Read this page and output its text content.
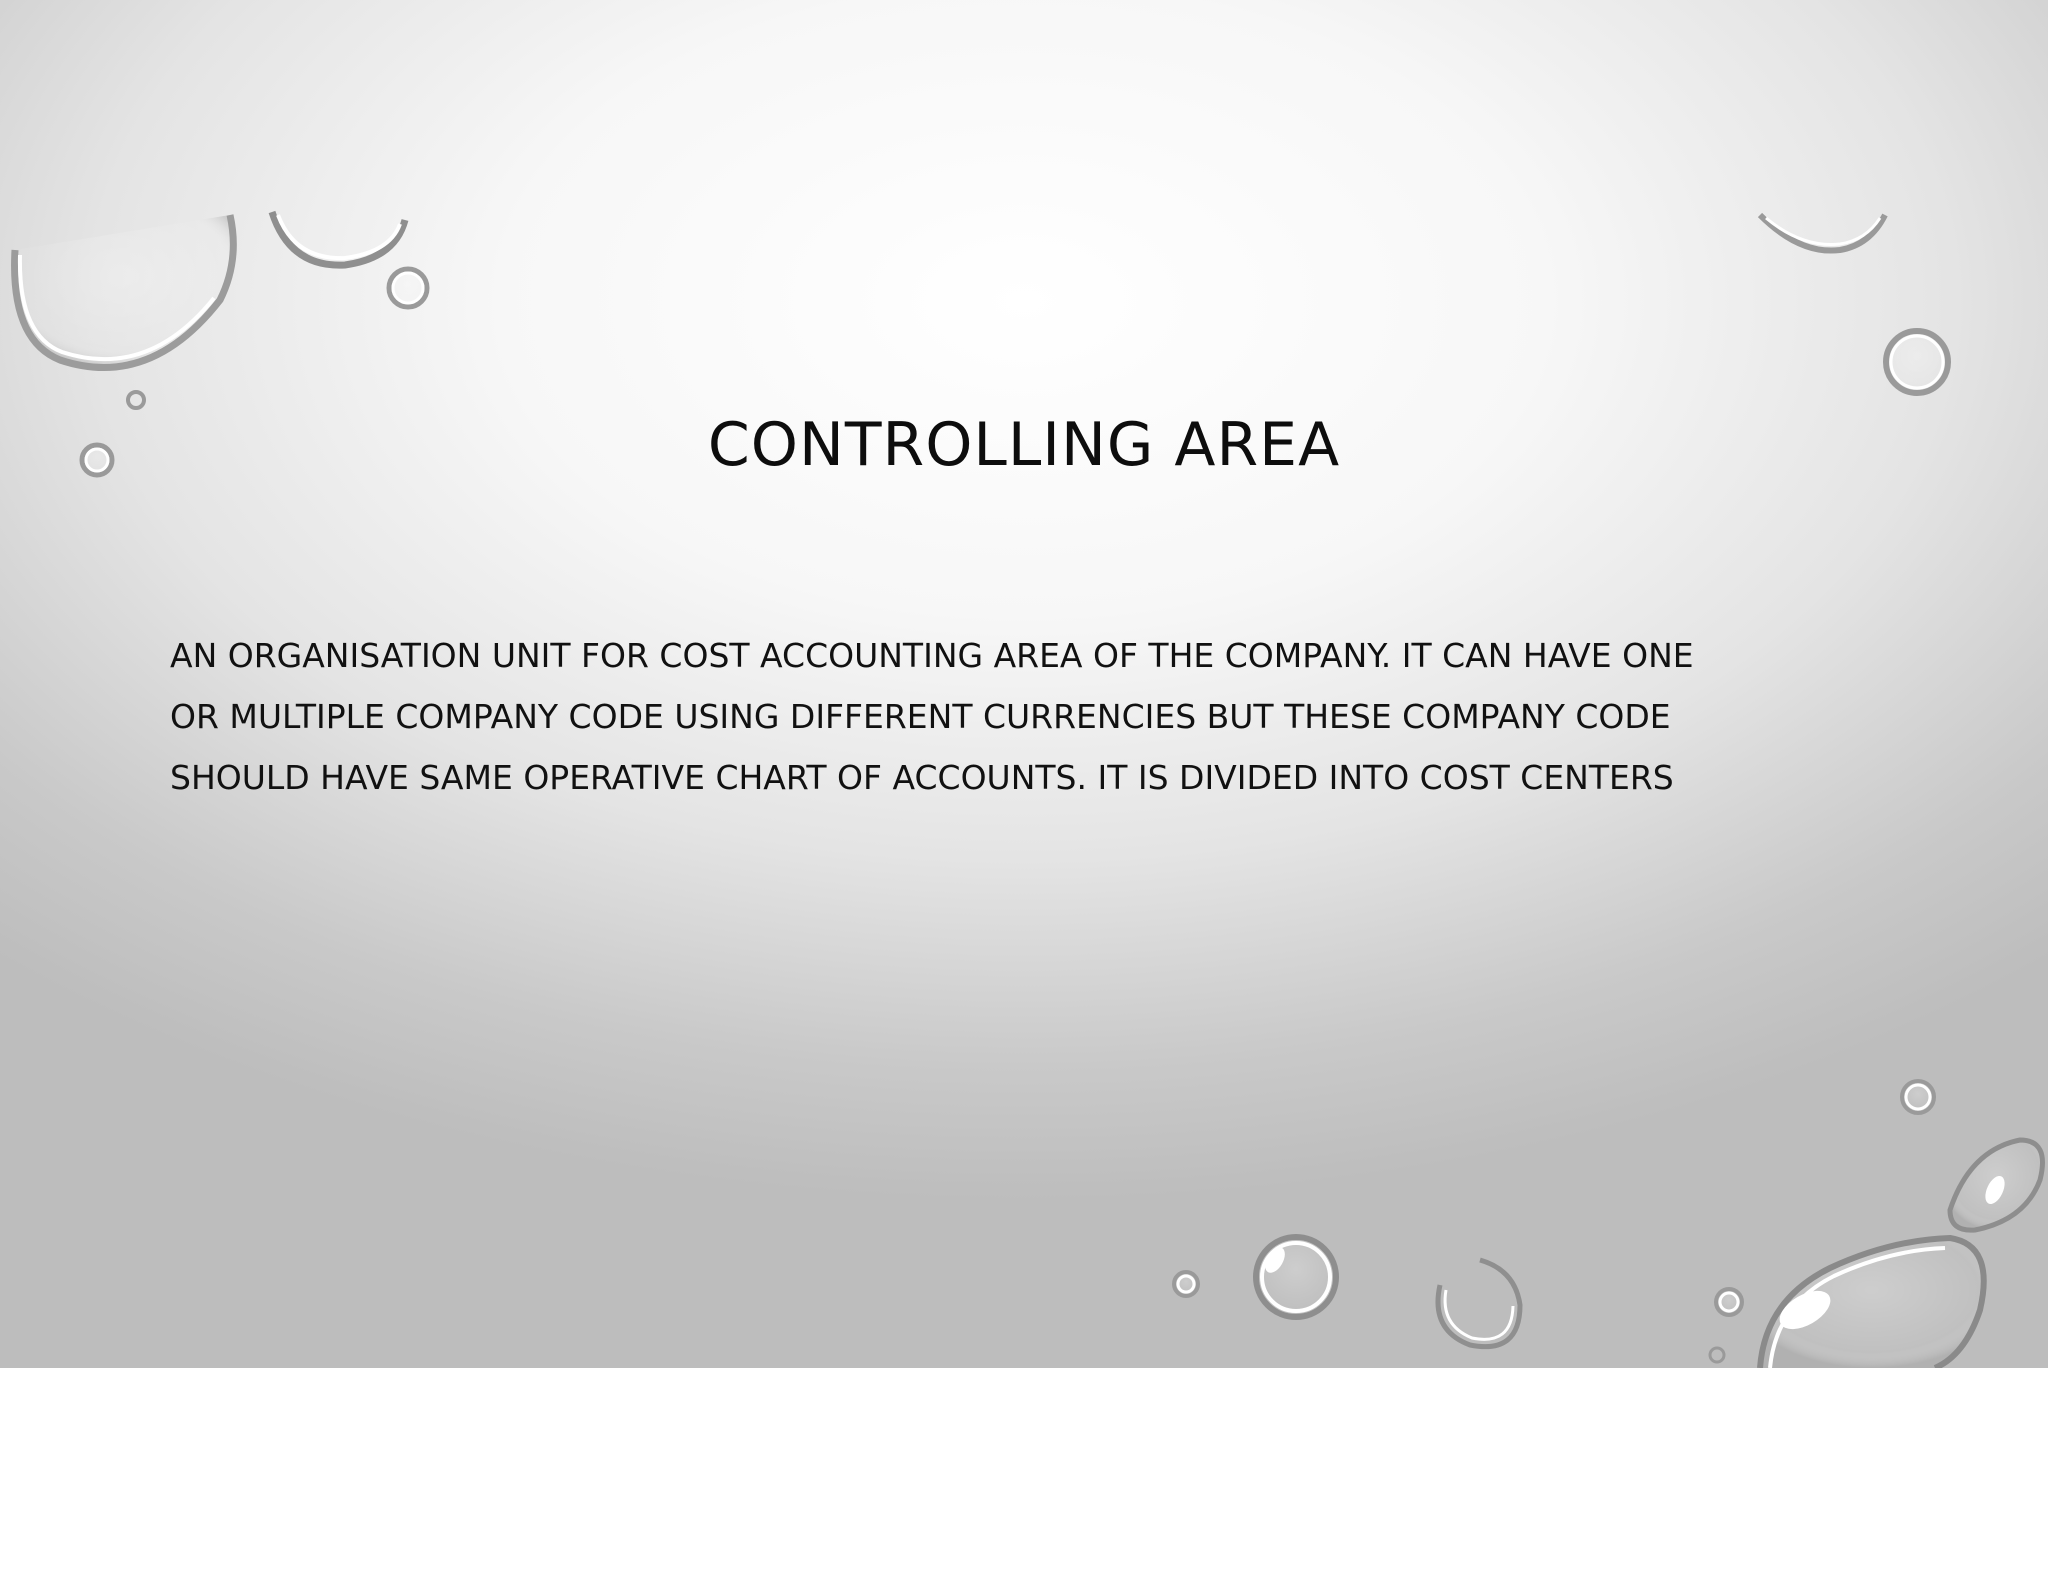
CONTROLLING AREA
AN ORGANISATION UNIT FOR COST ACCOUNTING AREA OF THE COMPANY. IT CAN HAVE ONE
OR MULTIPLE COMPANY CODE USING DIFFERENT CURRENCIES BUT THESE COMPANY CODE
SHOULD HAVE SAME OPERATIVE CHART OF ACCOUNTS. IT IS DIVIDED INTO COST CENTERS
